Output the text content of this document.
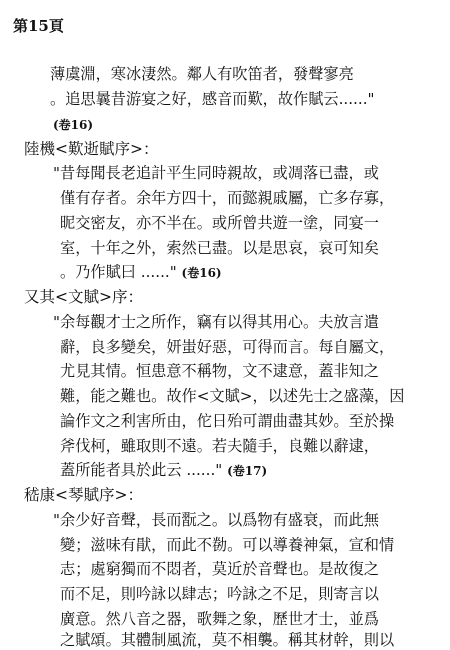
第15頁
薄虞淵，寒冰淒然。鄰人有吹笛者，發聲寥亮
。追思曩昔游宴之好，感音而歎，故作賦云......"
(卷16)
陸機<歎逝賦序>：
"昔每聞長老追計平生同時親故，或凋落已盡，或
僅有存者。余年方四十，而懿親戚屬，亡多存寡，
昵交密友，亦不半在。或所曾共遊一塗，同宴一
室，十年之外，索然已盡。以是思哀，哀可知矣
。乃作賦曰 ......" (卷16)
又其<文賦>序：
"余每觀才士之所作，竊有以得其用心。夫放言遣
辭，良多變矣，妍蚩好惡，可得而言。每自屬文，
尤見其情。恒患意不稱物，文不逮意，蓋非知之
難，能之難也。故作<文賦>，以述先士之盛藻，因
論作文之利害所由，佗日殆可謂曲盡其妙。至於操
斧伐柯，雖取則不遠。若夫隨手，良難以辭逮，
蓋所能者具於此云 ......" (卷17)
嵇康<琴賦序>：
"余少好音聲，長而翫之。以爲物有盛衰，而此無
變；滋味有猒，而此不勌。可以導養神氣，宣和情
志；處窮獨而不悶者，莫近於音聲也。是故復之
而不足，則吟詠以肆志；吟詠之不足，則寄言以
廣意。然八音之器，歌舞之象，歷世才士，並爲
之賦頌。其體制風流，莫不相襲。稱其材幹，則以
